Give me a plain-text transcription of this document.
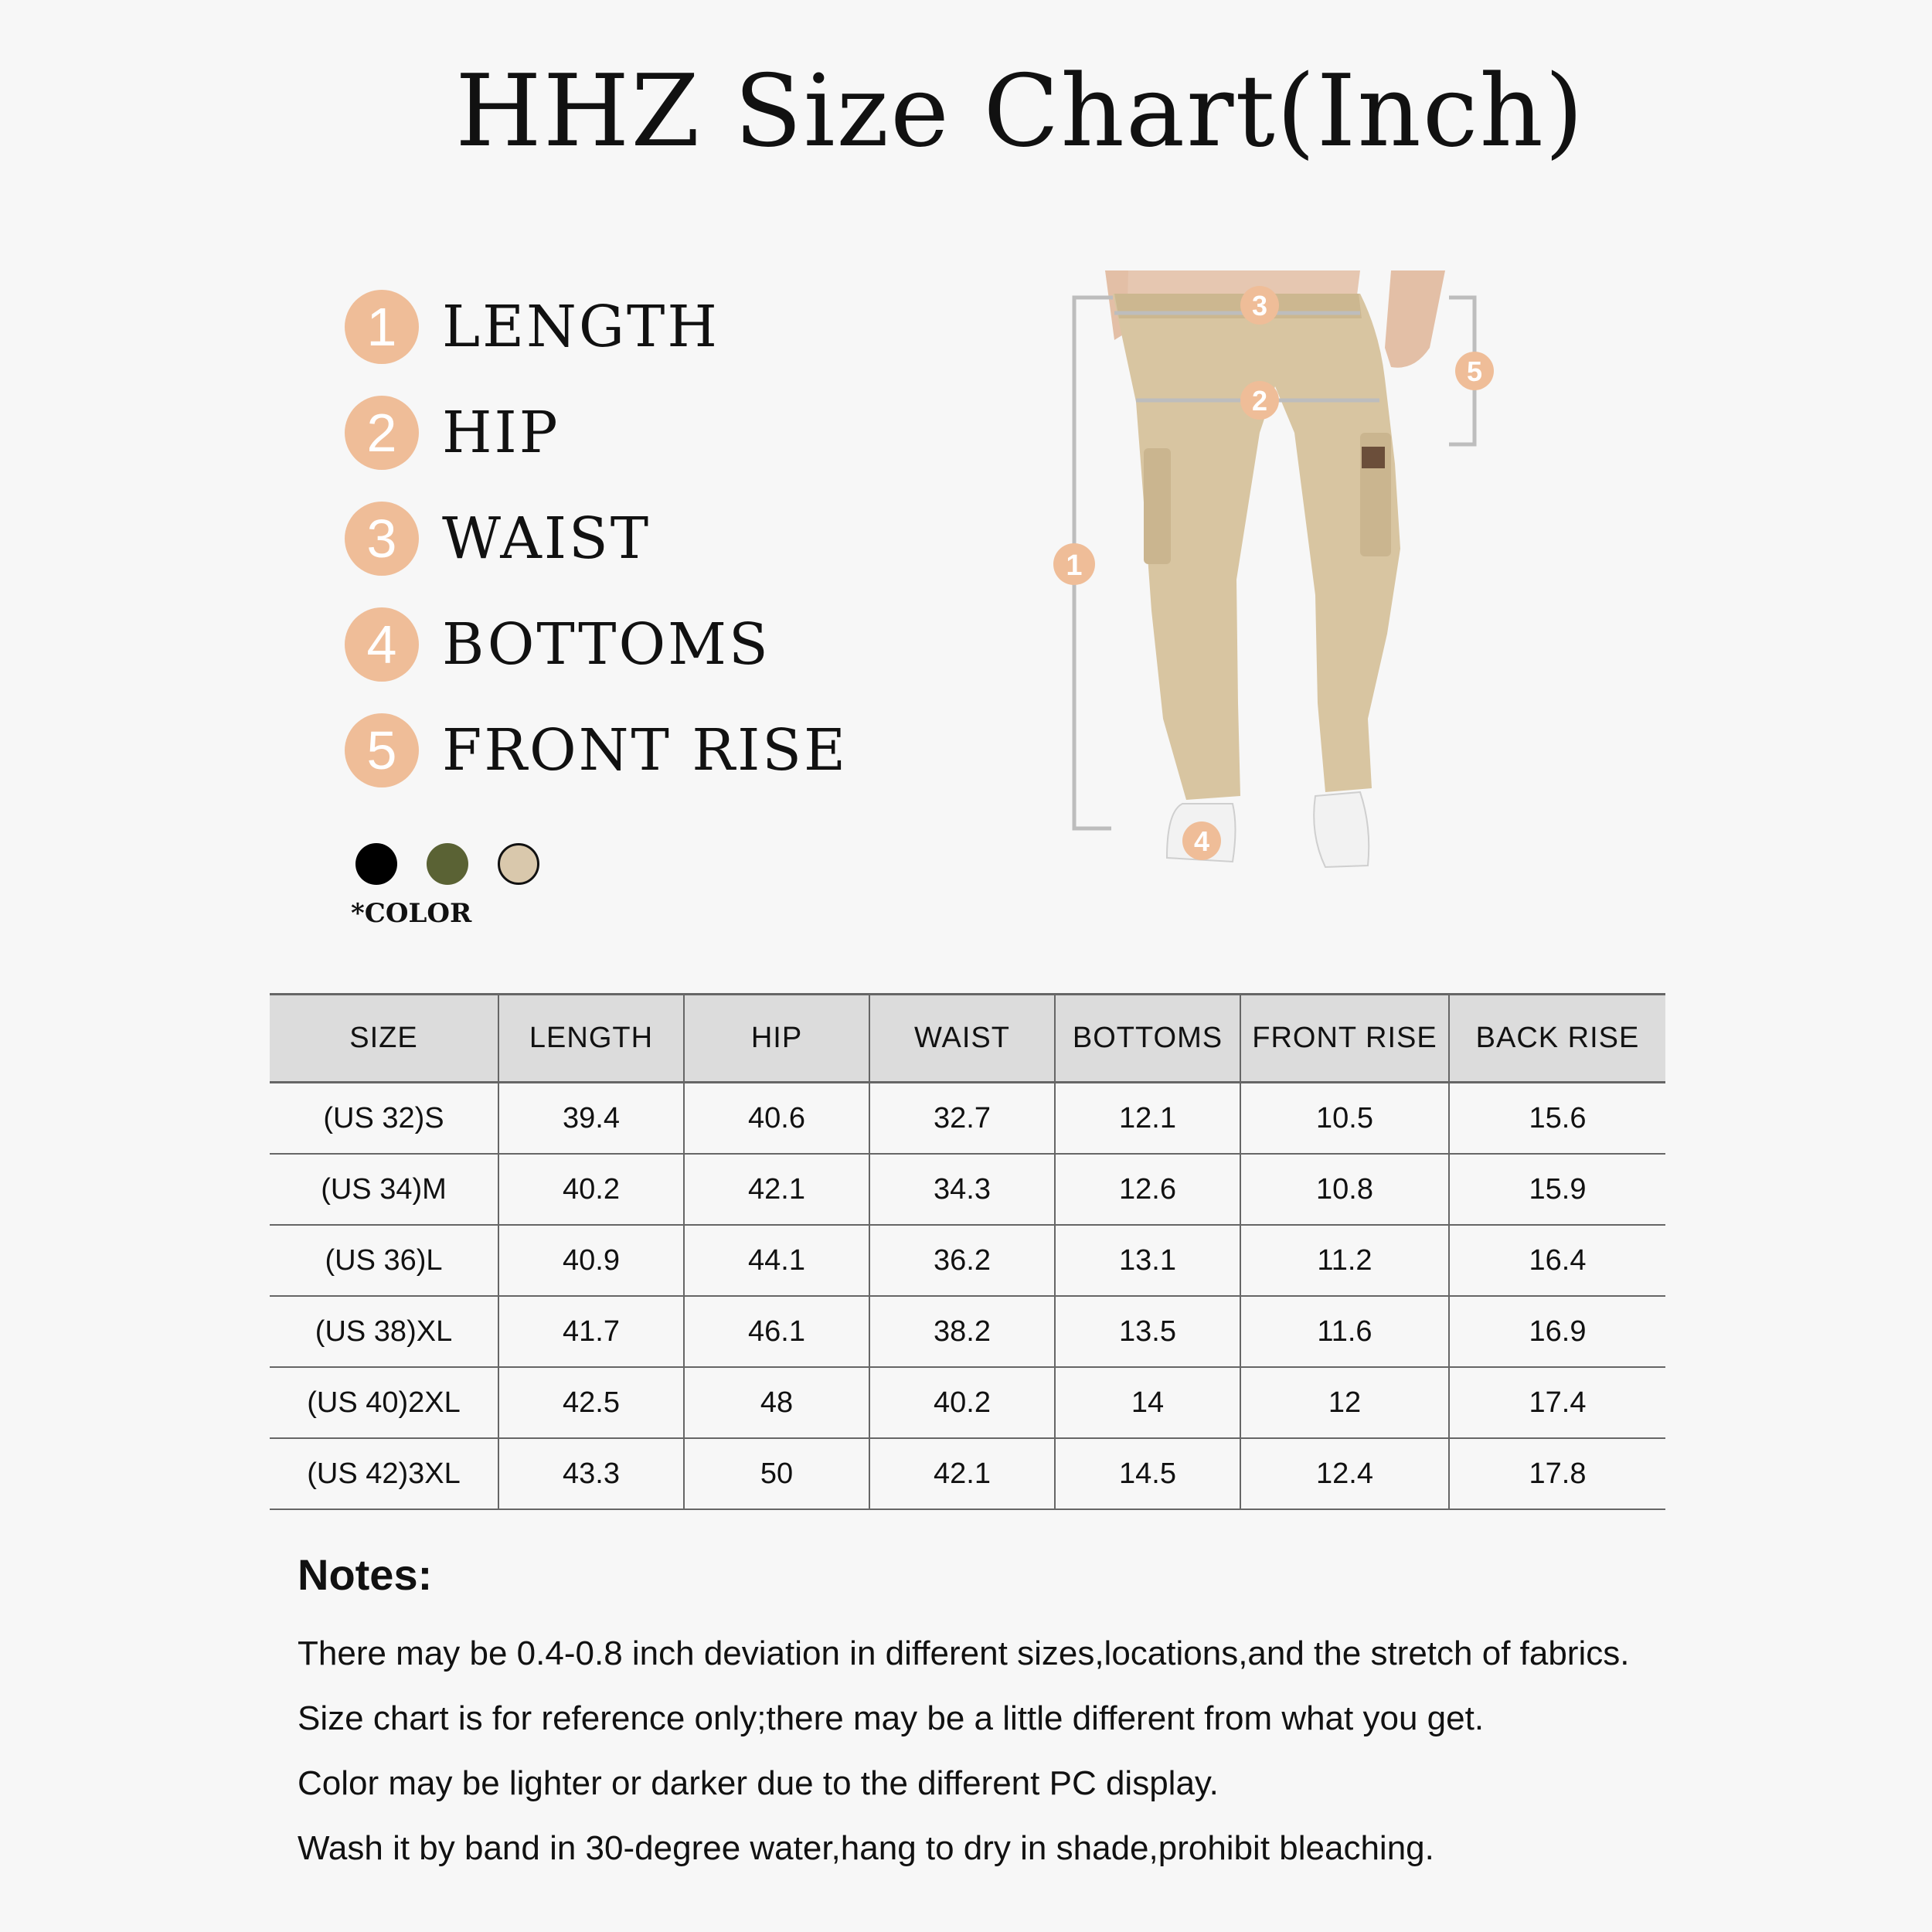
HHZ Size Chart(Inch)
1 LENGTH
2 HIP
3 WAIST
4 BOTTOMS
5 FRONT RISE
*COLOR
1
2
3
4
5
SIZE	LENGTH	HIP	WAIST	BOTTOMS	FRONT RISE	BACK RISE
(US 32)S	39.4	40.6	32.7	12.1	10.5	15.6
(US 34)M	40.2	42.1	34.3	12.6	10.8	15.9
(US 36)L	40.9	44.1	36.2	13.1	11.2	16.4
(US 38)XL	41.7	46.1	38.2	13.5	11.6	16.9
(US 40)2XL	42.5	48	40.2	14	12	17.4
(US 42)3XL	43.3	50	42.1	14.5	12.4	17.8
Notes:
There may be 0.4-0.8 inch deviation in different sizes,locations,and the stretch of fabrics.
Size chart is for reference only;there may be a little different from what you get.
Color may be lighter or darker due to the different PC display.
Wash it by band in 30-degree water,hang to dry in shade,prohibit bleaching.
